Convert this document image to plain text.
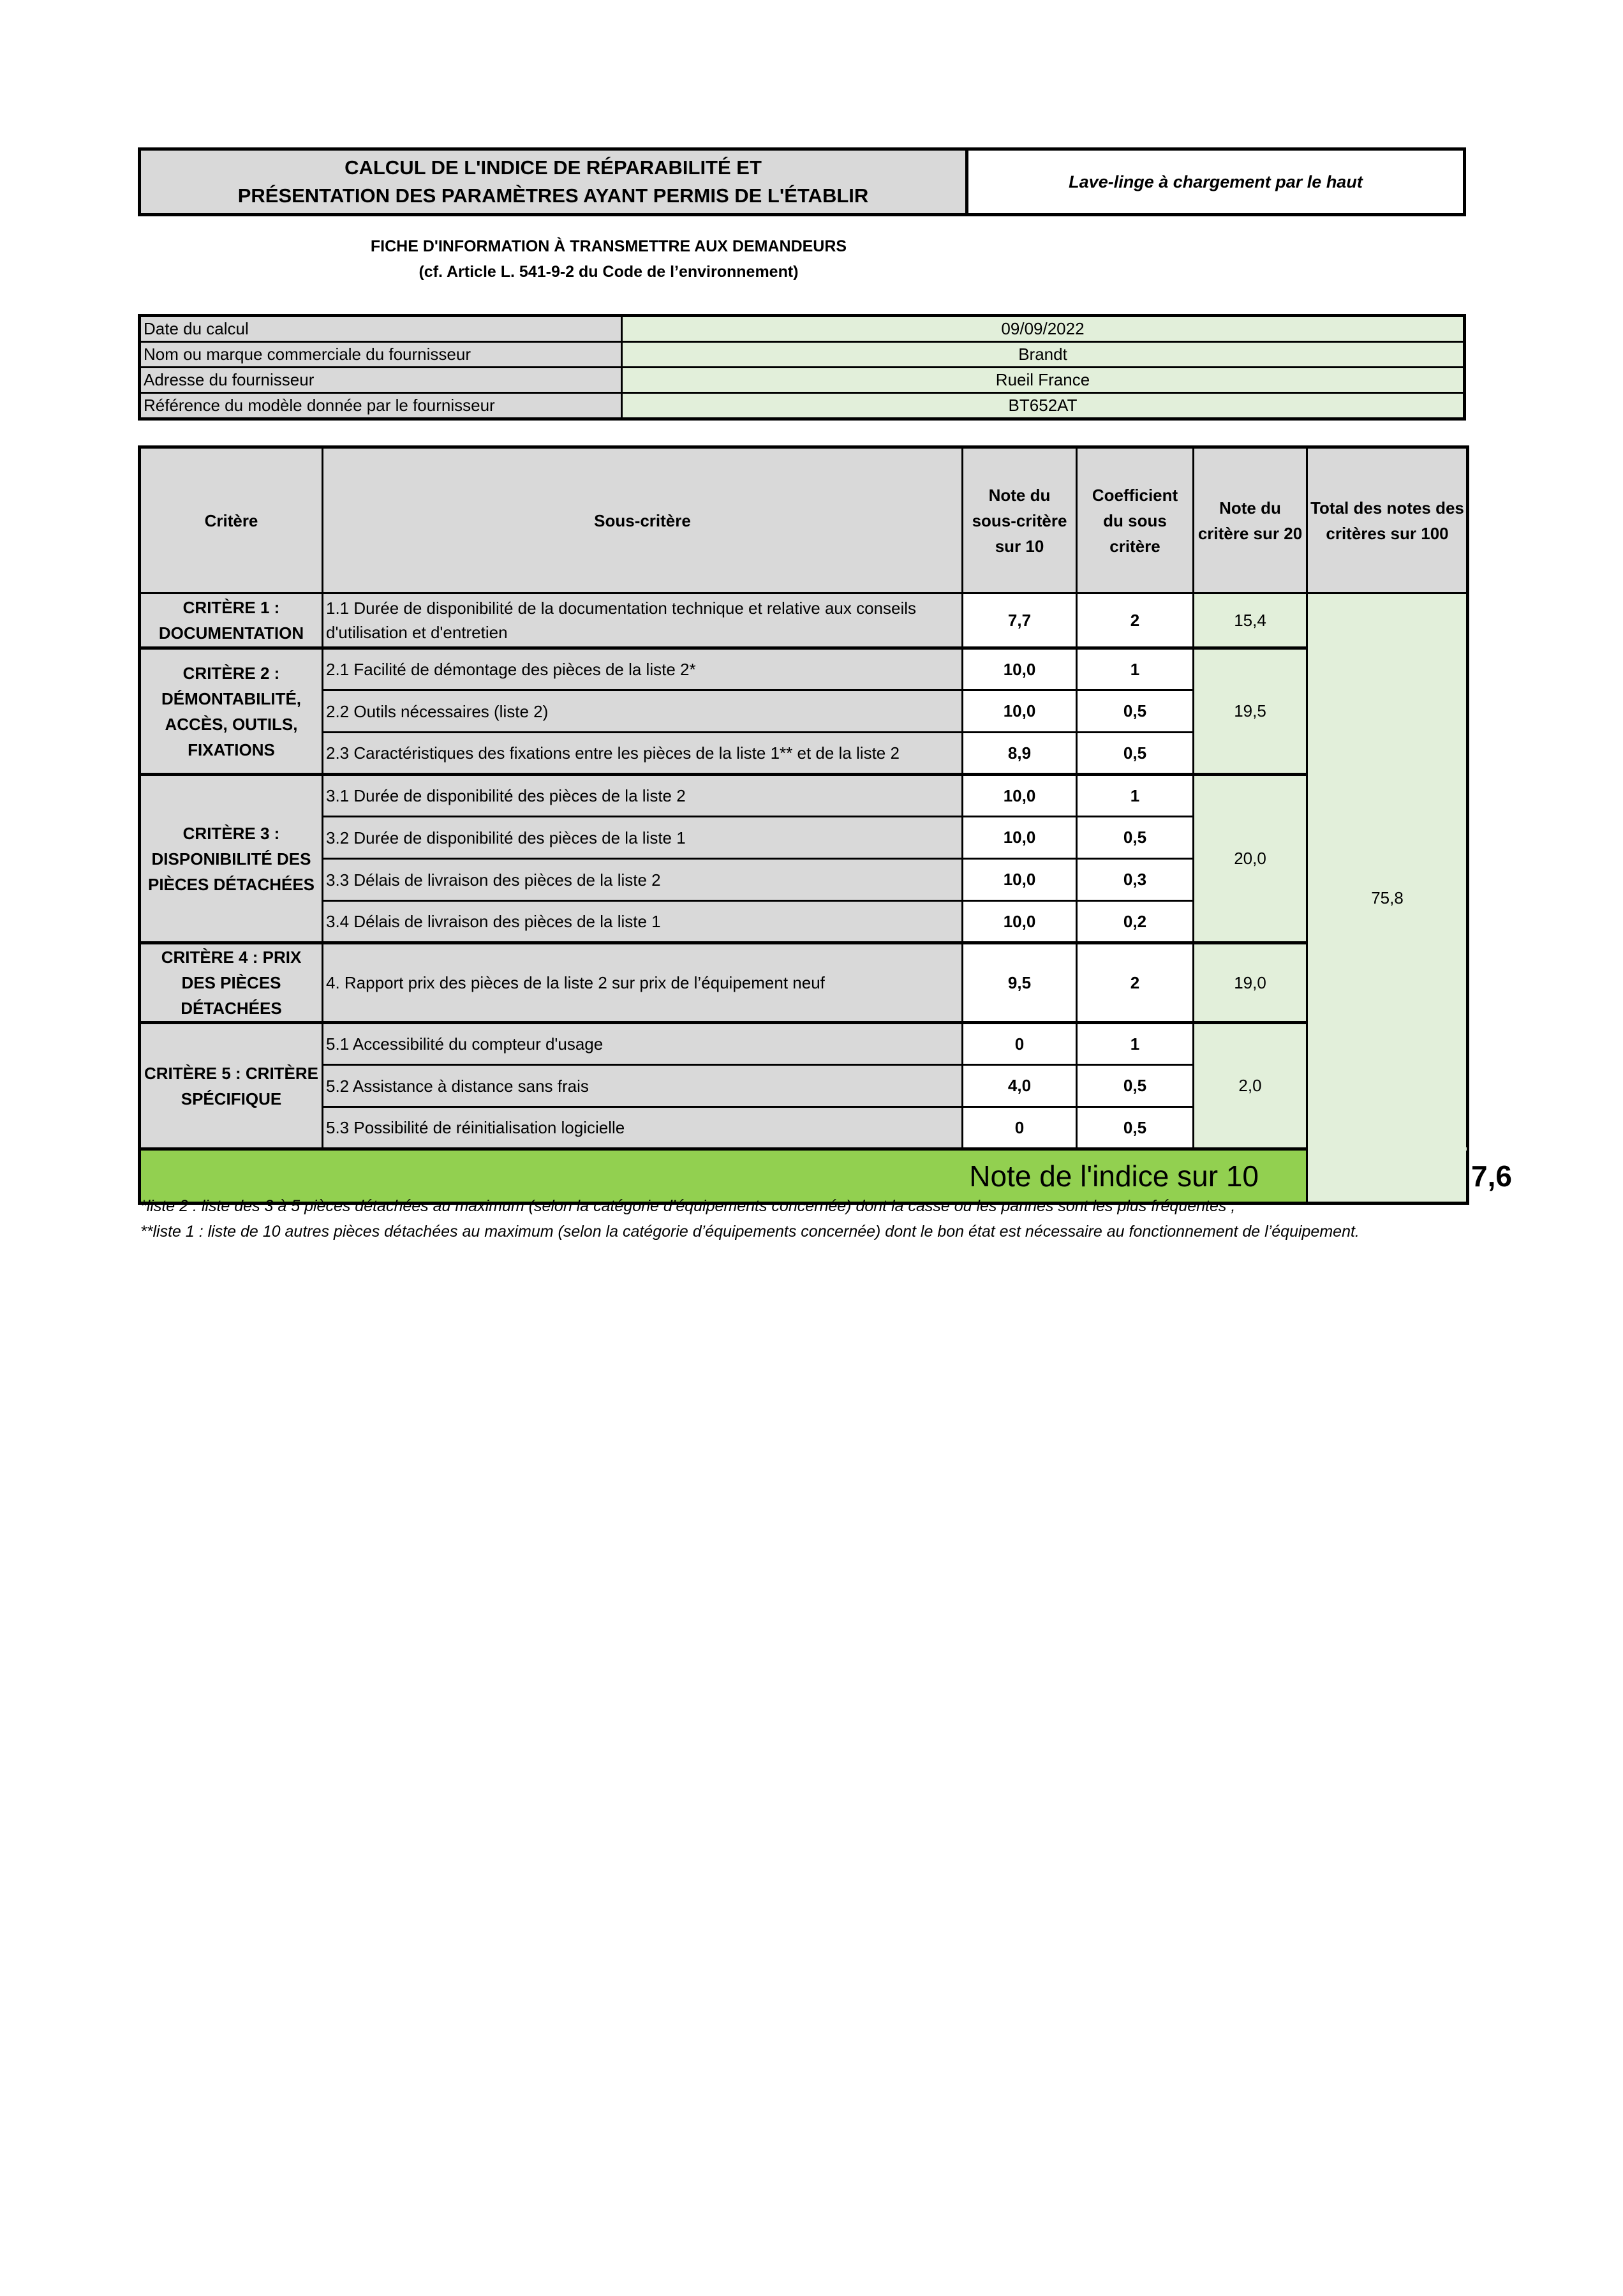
CALCUL DE L'INDICE DE RÉPARABILITÉ ET
PRÉSENTATION DES PARAMÈTRES AYANT PERMIS DE L'ÉTABLIR
Lave-linge à chargement par le haut
FICHE D'INFORMATION À TRANSMETTRE AUX DEMANDEURS
(cf. Article L. 541-9-2 du Code de l’environnement)
Date du calcul	09/09/2022
Nom ou marque commerciale du fournisseur	Brandt
Adresse du fournisseur	Rueil France
Référence du modèle donnée par le fournisseur	BT652AT
Critère	Sous-critère	Note du sous-critère sur 10	Coefficient du sous critère	Note du critère sur 20	Total des notes des critères sur 100	
CRITÈRE 1 : DOCUMENTATION	1.1 Durée de disponibilité de la documentation technique et relative aux conseils d'utilisation et d'entretien	7,7	2	15,4	75,8	
CRITÈRE 2 : DÉMONTABILITÉ, ACCÈS, OUTILS, FIXATIONS	2.1 Facilité de démontage des pièces de la liste 2*	10,0	1	19,5		
	2.2 Outils nécessaires (liste 2)	10,0	0,5			
	2.3 Caractéristiques des fixations entre les pièces de la liste 1** et de la liste 2	8,9	0,5			
CRITÈRE 3 : DISPONIBILITÉ DES PIÈCES DÉTACHÉES	3.1 Durée de disponibilité des pièces de la liste 2	10,0	1	20,0		
	3.2 Durée de disponibilité des pièces de la liste 1	10,0	0,5			
	3.3 Délais de livraison des pièces de la liste 2	10,0	0,3			
	3.4 Délais de livraison des pièces de la liste 1	10,0	0,2			
CRITÈRE 4 : PRIX DES PIÈCES DÉTACHÉES	4. Rapport prix des pièces de la liste 2 sur prix de l’équipement neuf	9,5	2	19,0		
CRITÈRE 5 : CRITÈRE SPÉCIFIQUE	5.1 Accessibilité du compteur d'usage	0	1	2,0		
	5.2 Assistance à distance sans frais	4,0	0,5			
	5.3 Possibilité de réinitialisation logicielle	0	0,5			
Note de l'indice sur 10						7,6
*liste 2 : liste des 3 à 5 pièces détachées au maximum (selon la catégorie d’équipements concernée) dont la casse ou les pannes sont les plus fréquentes ;
**liste 1 : liste de 10 autres pièces détachées au maximum (selon la catégorie d’équipements concernée) dont le bon état est nécessaire au fonctionnement de l’équipement.
